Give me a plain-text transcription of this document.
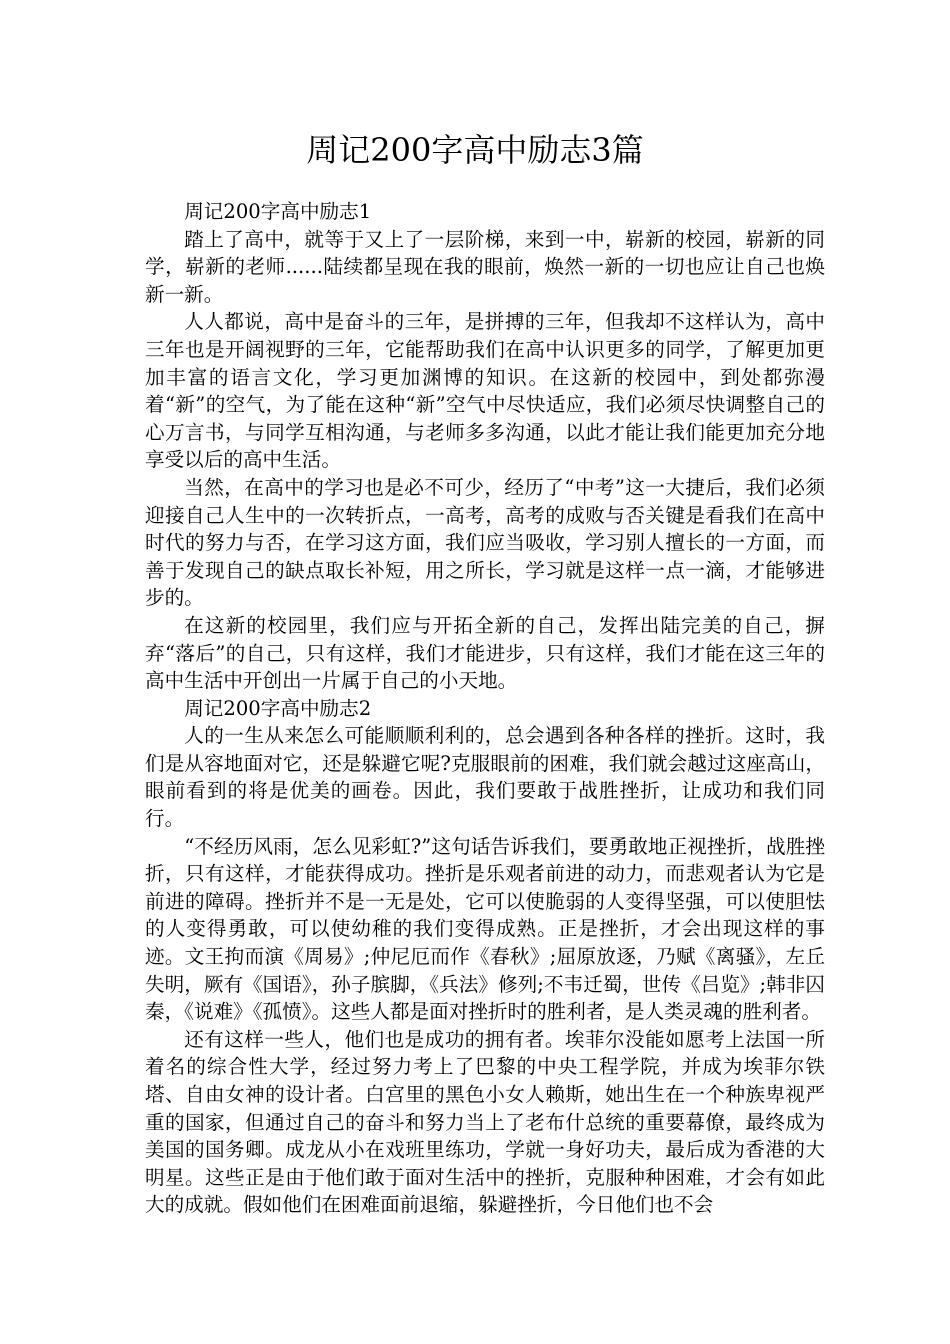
周记200字高中励志3篇

周记200字高中励志1

踏上了高中，就等于又上了一层阶梯，来到一中，崭新的校园，崭新的同学，崭新的老师......陆续都呈现在我的眼前，焕然一新的一切也应让自己也焕新一新。

人人都说，高中是奋斗的三年，是拼搏的三年，但我却不这样认为，高中三年也是开阔视野的三年，它能帮助我们在高中认识更多的同学，了解更加更加丰富的语言文化，学习更加渊博的知识。在这新的校园中，到处都弥漫着“新”的空气，为了能在这种“新”空气中尽快适应，我们必须尽快调整自己的心万言书，与同学互相沟通，与老师多多沟通，以此才能让我们能更加充分地享受以后的高中生活。

当然，在高中的学习也是必不可少，经历了“中考”这一大捷后，我们必须迎接自己人生中的一次转折点，一高考，高考的成败与否关键是看我们在高中时代的努力与否，在学习这方面，我们应当吸收，学习别人擅长的一方面，而善于发现自己的缺点取长补短，用之所长，学习就是这样一点一滴，才能够进步的。

在这新的校园里，我们应与开拓全新的自己，发挥出陆完美的自己，摒弃“落后”的自己，只有这样，我们才能进步，只有这样，我们才能在这三年的高中生活中开创出一片属于自己的小天地。

周记200字高中励志2

人的一生从来怎么可能顺顺利利的，总会遇到各种各样的挫折。这时，我们是从容地面对它，还是躲避它呢?克服眼前的困难，我们就会越过这座高山，眼前看到的将是优美的画卷。因此，我们要敢于战胜挫折，让成功和我们同行。

“不经历风雨，怎么见彩虹?”这句话告诉我们，要勇敢地正视挫折，战胜挫折，只有这样，才能获得成功。挫折是乐观者前进的动力，而悲观者认为它是前进的障碍。挫折并不是一无是处，它可以使脆弱的人变得坚强，可以使胆怯的人变得勇敢，可以使幼稚的我们变得成熟。正是挫折，才会出现这样的事迹。文王拘而演《周易》;仲尼厄而作《春秋》;屈原放逐，乃赋《离骚》，左丘失明，厥有《国语》，孙子膑脚，《兵法》修列;不韦迁蜀，世传《吕览》;韩非囚秦，《说难》《孤愤》。这些人都是面对挫折时的胜利者，是人类灵魂的胜利者。

还有这样一些人，他们也是成功的拥有者。埃菲尔没能如愿考上法国一所着名的综合性大学，经过努力考上了巴黎的中央工程学院，并成为埃菲尔铁塔、自由女神的设计者。白宫里的黑色小女人赖斯，她出生在一个种族卑视严重的国家，但通过自己的奋斗和努力当上了老布什总统的重要幕僚，最终成为美国的国务卿。成龙从小在戏班里练功，学就一身好功夫，最后成为香港的大明星。这些正是由于他们敢于面对生活中的挫折，克服种种困难，才会有如此大的成就。假如他们在困难面前退缩，躲避挫折，今日他们也不会
